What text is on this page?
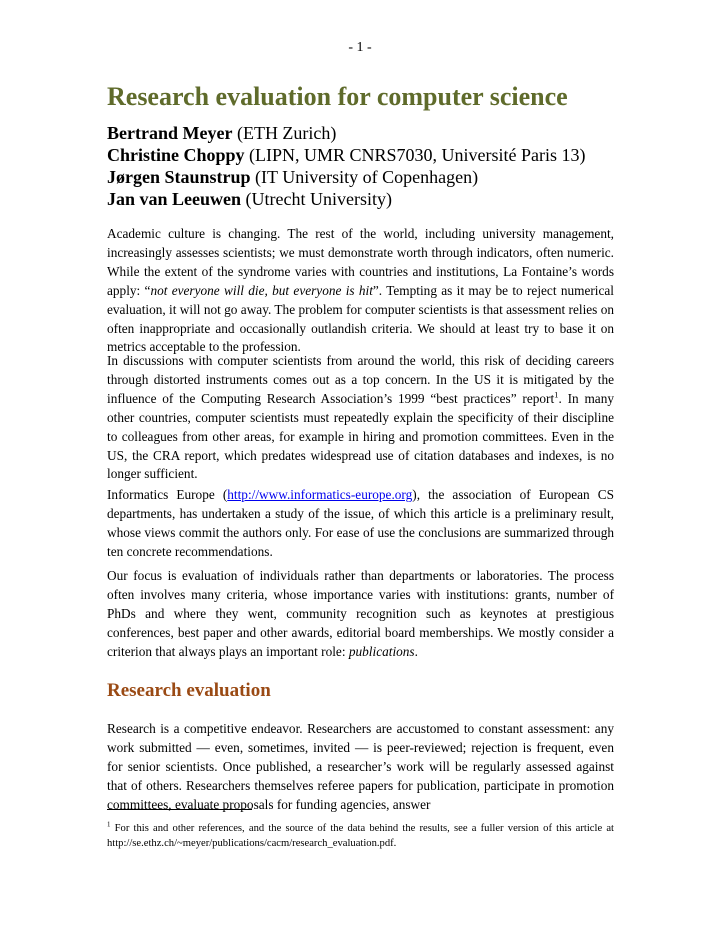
- 1 -
Research evaluation for computer science
Bertrand Meyer (ETH Zurich)
Christine Choppy (LIPN, UMR CNRS7030, Université Paris 13)
Jørgen Staunstrup (IT University of Copenhagen)
Jan van Leeuwen (Utrecht University)

Academic culture is changing. The rest of the world, including university management, increasingly assesses scientists; we must demonstrate worth through indicators, often numeric. While the extent of the syndrome varies with countries and institutions, La Fontaine’s words apply: “not everyone will die, but everyone is hit”. Tempting as it may be to reject numerical evaluation, it will not go away. The problem for computer scientists is that assessment relies on often inappropriate and occasionally outlandish criteria. We should at least try to base it on metrics acceptable to the profession.

In discussions with computer scientists from around the world, this risk of deciding careers through distorted instruments comes out as a top concern. In the US it is mitigated by the influence of the Computing Research Association’s 1999 “best practices” report$^1$. In many other countries, computer scientists must repeatedly explain the specificity of their discipline to colleagues from other areas, for example in hiring and promotion committees. Even in the US, the CRA report, which predates widespread use of citation databases and indexes, is no longer sufficient.

Informatics Europe (http://www.informatics-europe.org), the association of European CS departments, has undertaken a study of the issue, of which this article is a preliminary result, whose views commit the authors only. For ease of use the conclusions are summarized through ten concrete recommendations.

Our focus is evaluation of individuals rather than departments or laboratories. The process often involves many criteria, whose importance varies with institutions: grants, number of PhDs and where they went, community recognition such as keynotes at prestigious conferences, best paper and other awards, editorial board memberships. We mostly consider a criterion that always plays an important role: publications.

Research evaluation

Research is a competitive endeavor. Researchers are accustomed to constant assessment: any work submitted — even, sometimes, invited — is peer-reviewed; rejection is frequent, even for senior scientists. Once published, a researcher’s work will be regularly assessed against that of others. Researchers themselves referee papers for publication, participate in promotion committees, evaluate proposals for funding agencies, answer

$^1$ For this and other references, and the source of the data behind the results, see a fuller version of this article at http://se.ethz.ch/~meyer/publications/cacm/research_evaluation.pdf.
